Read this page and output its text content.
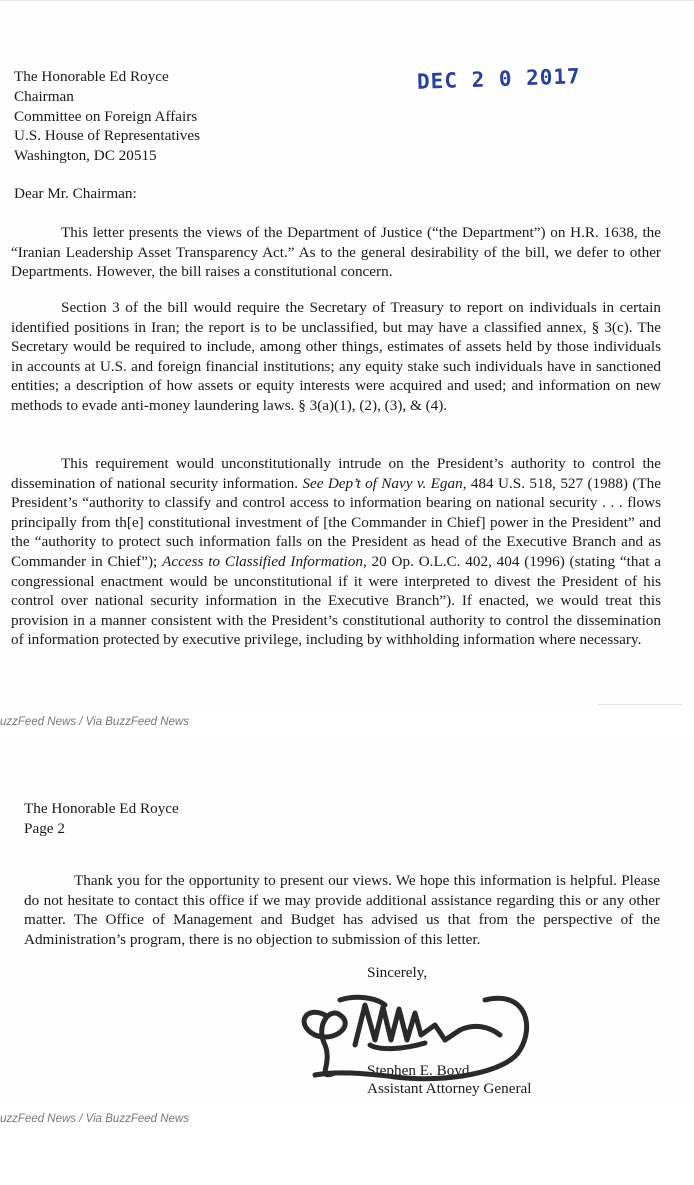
DEC 2 0 2017
The Honorable Ed Royce
Chairman
Committee on Foreign Affairs
U.S. House of Representatives
Washington, DC 20515
Dear Mr. Chairman:

This letter presents the views of the Department of Justice (“the Department”) on H.R. 1638, the “Iranian Leadership Asset Transparency Act.” As to the general desirability of the bill, we defer to other Departments. However, the bill raises a constitutional concern.

Section 3 of the bill would require the Secretary of Treasury to report on individuals in certain identified positions in Iran; the report is to be unclassified, but may have a classified annex, § 3(c). The Secretary would be required to include, among other things, estimates of assets held by those individuals in accounts at U.S. and foreign financial institutions; any equity stake such individuals have in sanctioned entities; a description of how assets or equity interests were acquired and used; and information on new methods to evade anti-money laundering laws. § 3(a)(1), (2), (3), & (4).

This requirement would unconstitutionally intrude on the President’s authority to control the dissemination of national security information. See Dep’t of Navy v. Egan, 484 U.S. 518, 527 (1988) (The President’s “authority to classify and control access to information bearing on national security . . . flows principally from th[e] constitutional investment of [the Commander in Chief] power in the President” and the “authority to protect such information falls on the President as head of the Executive Branch and as Commander in Chief”); Access to Classified Information, 20 Op. O.L.C. 402, 404 (1996) (stating “that a congressional enactment would be unconstitutional if it were interpreted to divest the President of his control over national security information in the Executive Branch”). If enacted, we would treat this provision in a manner consistent with the President’s constitutional authority to control the dissemination of information protected by executive privilege, including by withholding information where necessary.

uzzFeed News / Via BuzzFeed News
The Honorable Ed Royce
Page 2

Thank you for the opportunity to present our views. We hope this information is helpful. Please do not hesitate to contact this office if we may provide additional assistance regarding this or any other matter. The Office of Management and Budget has advised us that from the perspective of the Administration’s program, there is no objection to submission of this letter.

Sincerely,
Stephen E. Boyd
Assistant Attorney General
uzzFeed News / Via BuzzFeed News
